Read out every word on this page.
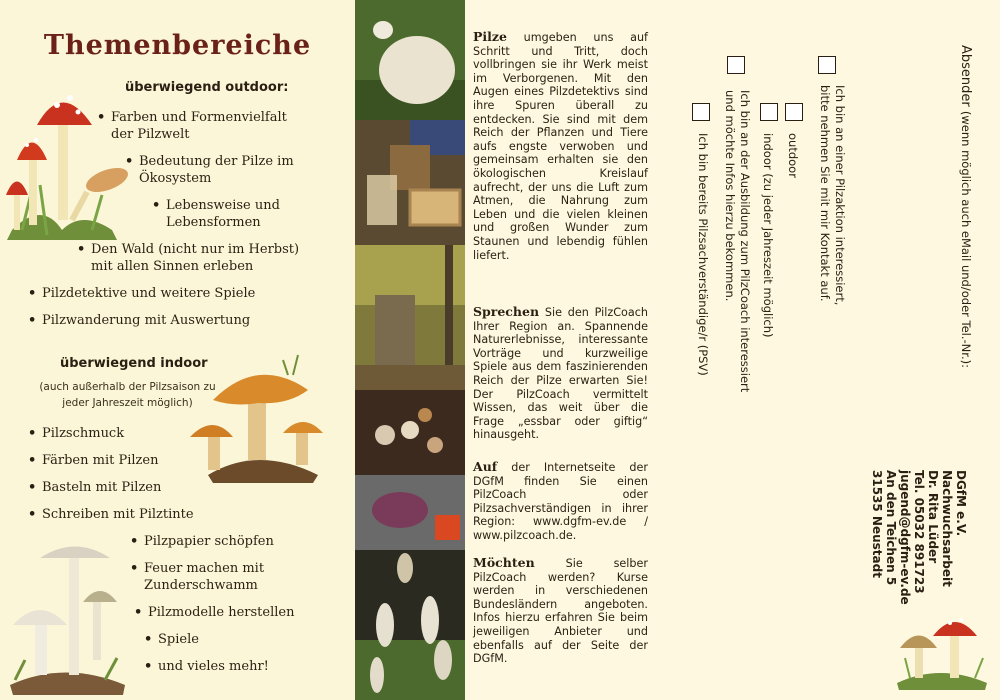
Themenbereiche
überwiegend outdoor:
• Farben und Formenvielfalt
der Pilzwelt
• Bedeutung der Pilze im
Ökosystem
• Lebensweise und
Lebensformen
• Den Wald (nicht nur im Herbst)
mit allen Sinnen erleben
• Pilzdetektive und weitere Spiele
• Pilzwanderung mit Auswertung
überwiegend indoor
(auch außerhalb der Pilzsaison zu
jeder Jahreszeit möglich)
• Pilzschmuck
• Färben mit Pilzen
• Basteln mit Pilzen
• Schreiben mit Pilztinte
• Pilzpapier schöpfen
• Feuer machen mit
Zunderschwamm
• Pilzmodelle herstellen
• Spiele
• und vieles mehr!
Pilze umgeben uns auf Schritt und Tritt, doch vollbringen sie ihr Werk meist im Verborgenen. Mit den Augen eines Pilzdetektivs sind ihre Spuren überall zu entdecken. Sie sind mit dem Reich der Pflanzen und Tiere aufs engste verwoben und gemeinsam erhalten sie den ökologischen Kreislauf aufrecht, der uns die Luft zum Atmen, die Nahrung zum Leben und die vielen kleinen und großen Wunder zum Staunen und lebendig fühlen liefert.
Sprechen Sie den PilzCoach Ihrer Region an. Spannende Naturerlebnisse, interessante Vorträge und kurzweilige Spiele aus dem faszinierenden Reich der Pilze erwarten Sie! Der PilzCoach vermittelt Wissen, das weit über die Frage „essbar oder giftig“ hinausgeht.
Auf der Internetseite der DGfM finden Sie einen PilzCoach oder Pilzsachverständigen in ihrer Region: www.dgfm-ev.de / www.pilzcoach.de.
Möchten	Sie selber PilzCoach werden? Kurse werden in verschiedenen Bundesländern angeboten. Infos hierzu erfahren Sie beim jeweiligen Anbieter und ebenfalls auf der Seite der DGfM.
Absender (wenn möglich auch eMail und/oder Tel.-Nr.):
Ich bin an einer Pilzaktion interessiert,
bitte nehmen Sie mit mir Kontakt auf.
outdoor
indoor (zu jeder Jahreszeit möglich)
Ich bin an der Ausbildung zum PilzCoach interessiert
und möchte Infos hierzu bekommen.
Ich bin bereits Pilzsachverständige/r (PSV)
DGfM e.V.
Nachwuchsarbeit
Dr. Rita Lüder
Tel. 05032 891723
jugend@dgfm-ev.de
An den Teichen 5
31535 Neustadt
